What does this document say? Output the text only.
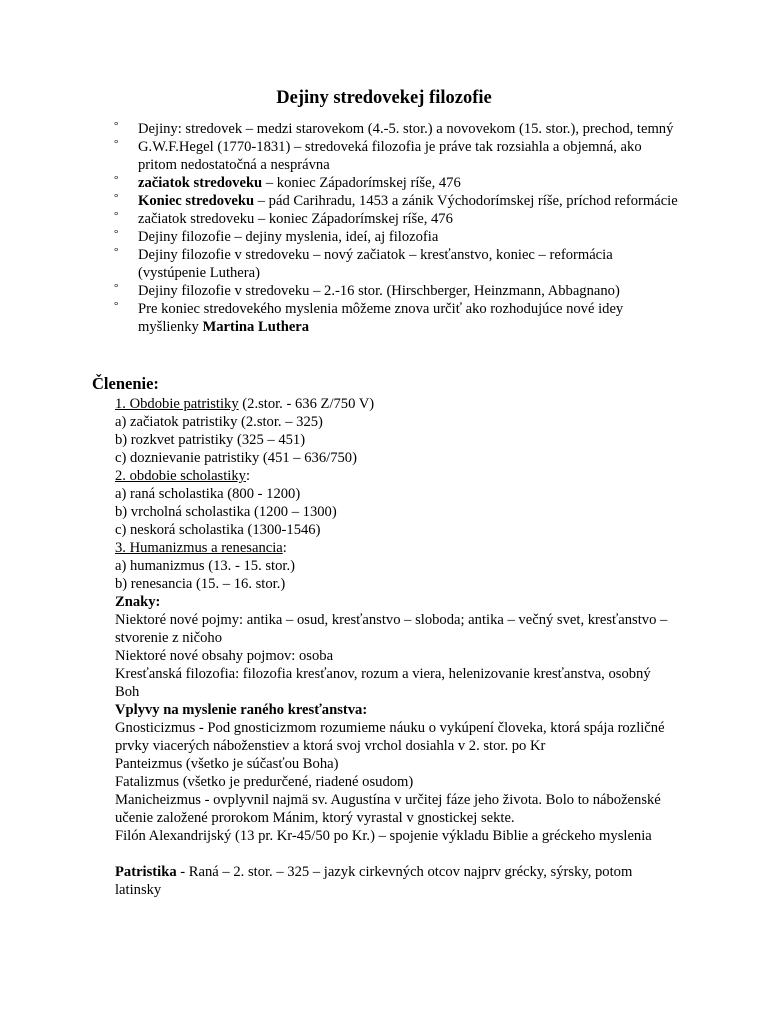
Dejiny stredovekej filozofie
° Dejiny: stredovek – medzi starovekom (4.-5. stor.) a novovekom (15. stor.), prechod, temný
° G.W.F.Hegel (1770-1831) – stredoveká filozofia je práve tak rozsiahla a objemná, ako pritom nedostatočná a nesprávna
° začiatok stredoveku – koniec Západorímskej ríše, 476
° Koniec stredoveku – pád Carihradu, 1453 a zánik Východorímskej ríše, príchod reformácie
° začiatok stredoveku – koniec Západorímskej ríše, 476
° Dejiny filozofie – dejiny myslenia, ideí, aj filozofia
° Dejiny filozofie v stredoveku – nový začiatok – kresťanstvo, koniec – reformácia (vystúpenie Luthera)
° Dejiny filozofie v stredoveku – 2.-16 stor. (Hirschberger, Heinzmann, Abbagnano)
° Pre koniec stredovekého myslenia môžeme znova určiť ako rozhodujúce nové idey myšlienky Martina Luthera
Členenie:
1. Obdobie patristiky (2.stor. - 636 Z/750 V)
a) začiatok patristiky (2.stor. – 325)
b) rozkvet patristiky (325 – 451)
c) doznievanie patristiky (451 – 636/750)
2. obdobie scholastiky:
a) raná scholastika (800 - 1200)
b) vrcholná scholastika (1200 – 1300)
c) neskorá scholastika (1300-1546)
3. Humanizmus a renesancia:
a) humanizmus (13. - 15. stor.)
b) renesancia (15. – 16. stor.)
Znaky:
Niektoré nové pojmy: antika – osud, kresťanstvo – sloboda; antika – večný svet, kresťanstvo – stvorenie z ničoho
Niektoré nové obsahy pojmov: osoba
Kresťanská filozofia: filozofia kresťanov, rozum a viera, helenizovanie kresťanstva, osobný Boh
Vplyvy na myslenie raného kresťanstva:
Gnosticizmus - Pod gnosticizmom rozumieme náuku o vykúpení človeka, ktorá spája rozličné prvky viacerých náboženstiev a ktorá svoj vrchol dosiahla v 2. stor. po Kr
Panteizmus (všetko je súčasťou Boha)
Fatalizmus (všetko je predurčené, riadené osudom)
Manicheizmus - ovplyvnil najmä sv. Augustína v určitej fáze jeho života. Bolo to náboženské učenie založené prorokom Mánim, ktorý vyrastal v gnostickej sekte.
Filón Alexandrijský (13 pr. Kr-45/50 po Kr.) – spojenie výkladu Biblie a gréckeho myslenia
Patristika - Raná – 2. stor. – 325 – jazyk cirkevných otcov najprv grécky, sýrsky, potom latinsky
